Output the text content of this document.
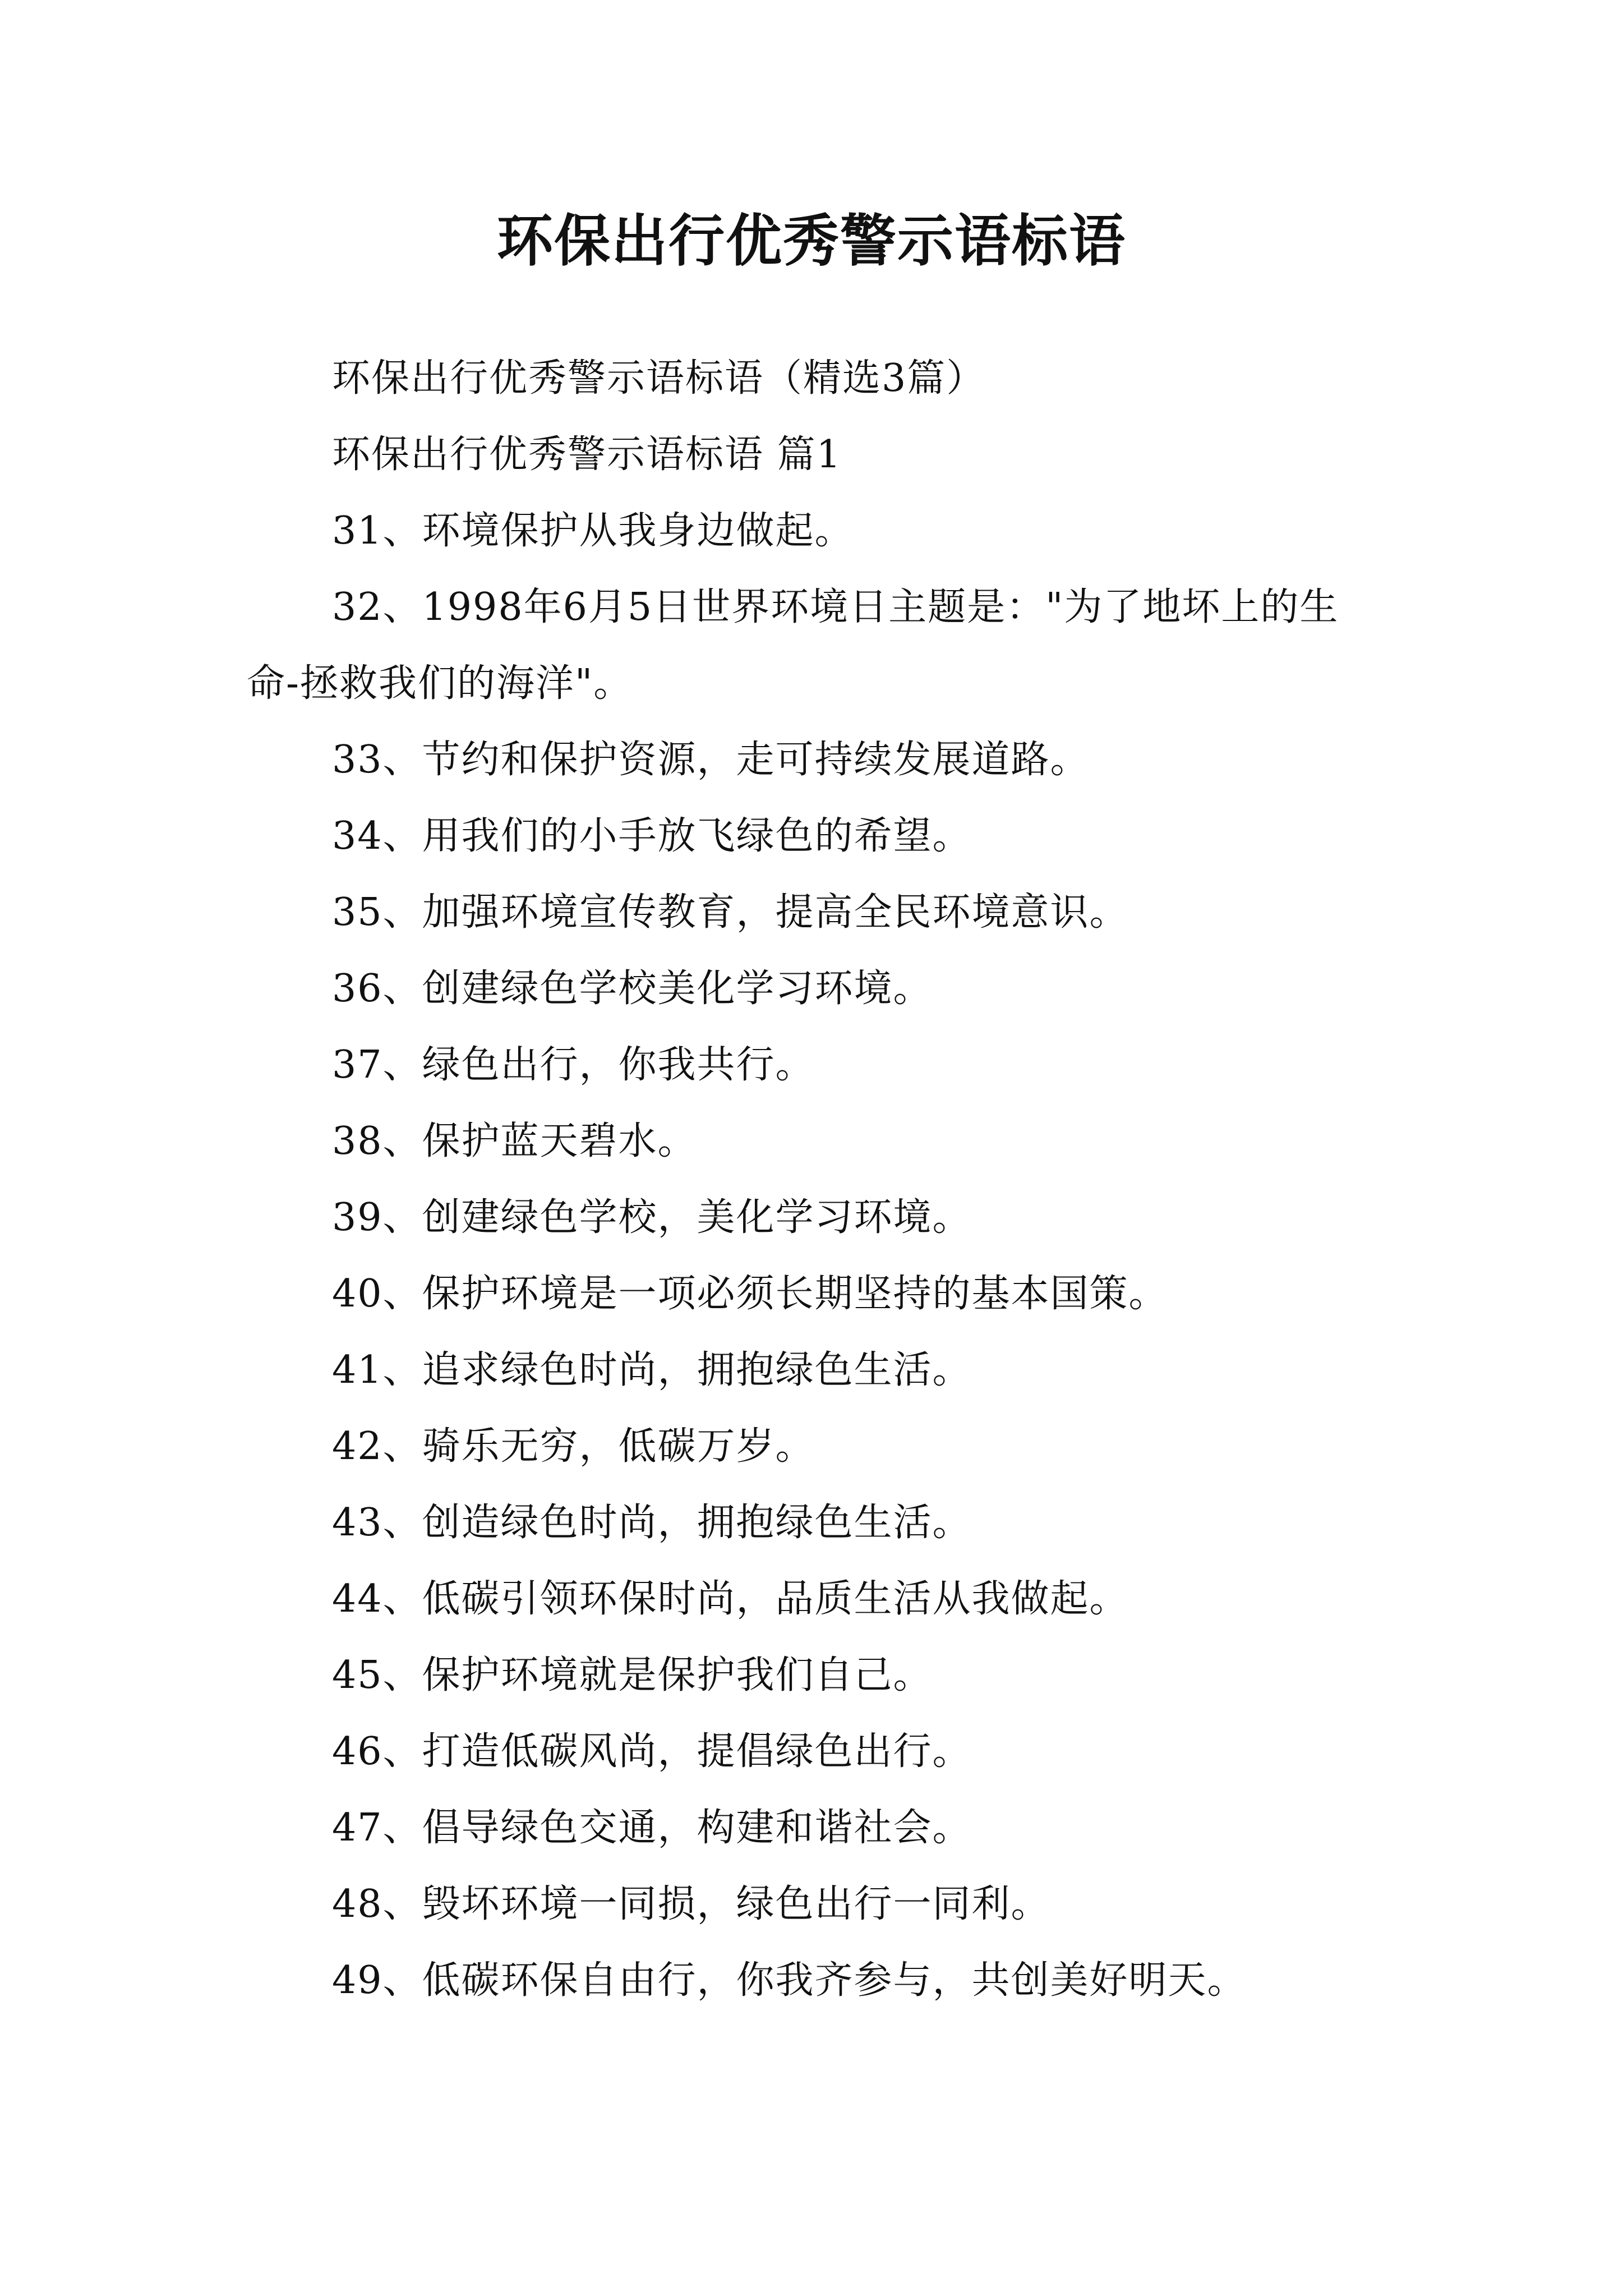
环保出行优秀警示语标语

环保出行优秀警示语标语（精选3篇）

环保出行优秀警示语标语 篇1

31、环境保护从我身边做起。

32、1998年6月5日世界环境日主题是："为了地坏上的生命-拯救我们的海洋"。

33、节约和保护资源，走可持续发展道路。

34、用我们的小手放飞绿色的希望。

35、加强环境宣传教育，提高全民环境意识。

36、创建绿色学校美化学习环境。

37、绿色出行，你我共行。

38、保护蓝天碧水。

39、创建绿色学校，美化学习环境。

40、保护环境是一项必须长期坚持的基本国策。

41、追求绿色时尚，拥抱绿色生活。

42、骑乐无穷，低碳万岁。

43、创造绿色时尚，拥抱绿色生活。

44、低碳引领环保时尚，品质生活从我做起。

45、保护环境就是保护我们自己。

46、打造低碳风尚，提倡绿色出行。

47、倡导绿色交通，构建和谐社会。

48、毁坏环境一同损，绿色出行一同利。

49、低碳环保自由行，你我齐参与，共创美好明天。
